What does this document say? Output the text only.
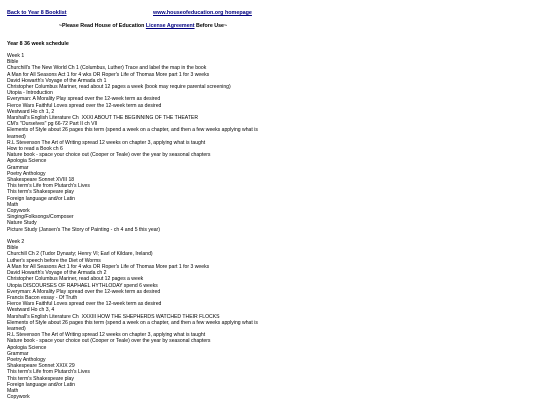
Back to Year 8 Booklist	www.houseofeducation.org homepage
~Please Read House of Education License Agreement Before Use~
Year 8 36 week schedule
Week 1
Bible
Churchill's The New World Ch 1 (Columbus, Luther) Trace and label the map in the book
A Man for All Seasons Act 1 for 4 wks OR Roper's Life of Thomas More part 1 for 3 weeks
David Howarth's Voyage of the Armada ch 1
Christopher Columbus Mariner, read about 12 pages a week (book may require parental screening)
Utopia - Introduction
Everyman: A Morality Play spread over the 12-week term as desired
Fierce Wars Faithful Loves spread over the 12-week term as desired
Westward Ho ch 1, 2
Marshall's English Literature Ch  XXXI ABOUT THE BEGINNING OF THE THEATER
CM's "Ourselves" pg 66-72 Part II ch VII
Elements of Style about 26 pages this term (spend a week on a chapter, and then a few weeks applying what is learned)
R.L Stevenson The Art of Writing spread 12 weeks on chapter 3, applying what is taught
How to read a Book ch 6
Nature book - space your choice out (Cooper or Teale) over the year by seasonal chapters
Apologia Science
Grammar
Poetry Anthology
Shakespeare Sonnet XVIII 18
This term's Life from Plutarch's Lives
This term's Shakespeare play
Foreign language and/or Latin
Math
Copywork
Singing/Folksongs/Composer
Nature Study
Picture Study (Jansen's The Story of Painting - ch 4 and 5 this year)
Week 2
Bible
Churchill Ch 2 (Tudor Dynasty; Henry VI; Earl of Kildare, Ireland)
Luther's speech before the Diet of Worms
A Man for All Seasons Act 1 for 4 wks OR Roper's Life of Thomas More part 1 for 3 weeks
David Howarth's Voyage of the Armada ch 2
Christopher Columbus Mariner, read about 12 pages a week
Utopia DISCOURSES OF RAPHAEL HYTHLODAY spend 6 weeks
Everyman: A Morality Play spread over the 12-week term as desired
Francis Bacon essay - Of Truth
Fierce Wars Faithful Loves spread over the 12-week term as desired
Westward Ho ch 3, 4
Marshall's English Literature Ch  XXXIII HOW THE SHEPHERDS WATCHED THEIR FLOCKS
Elements of Style about 26 pages this term (spend a week on a chapter, and then a few weeks applying what is learned)
R.L Stevenson The Art of Writing spread 12 weeks on chapter 3, applying what is taught
Nature book - space your choice out (Cooper or Teale) over the year by seasonal chapters
Apologia Science
Grammar
Poetry Anthology
Shakespeare Sonnet XXIX 29
This term's Life from Plutarch's Lives
This term's Shakespeare play
Foreign language and/or Latin
Math
Copywork
